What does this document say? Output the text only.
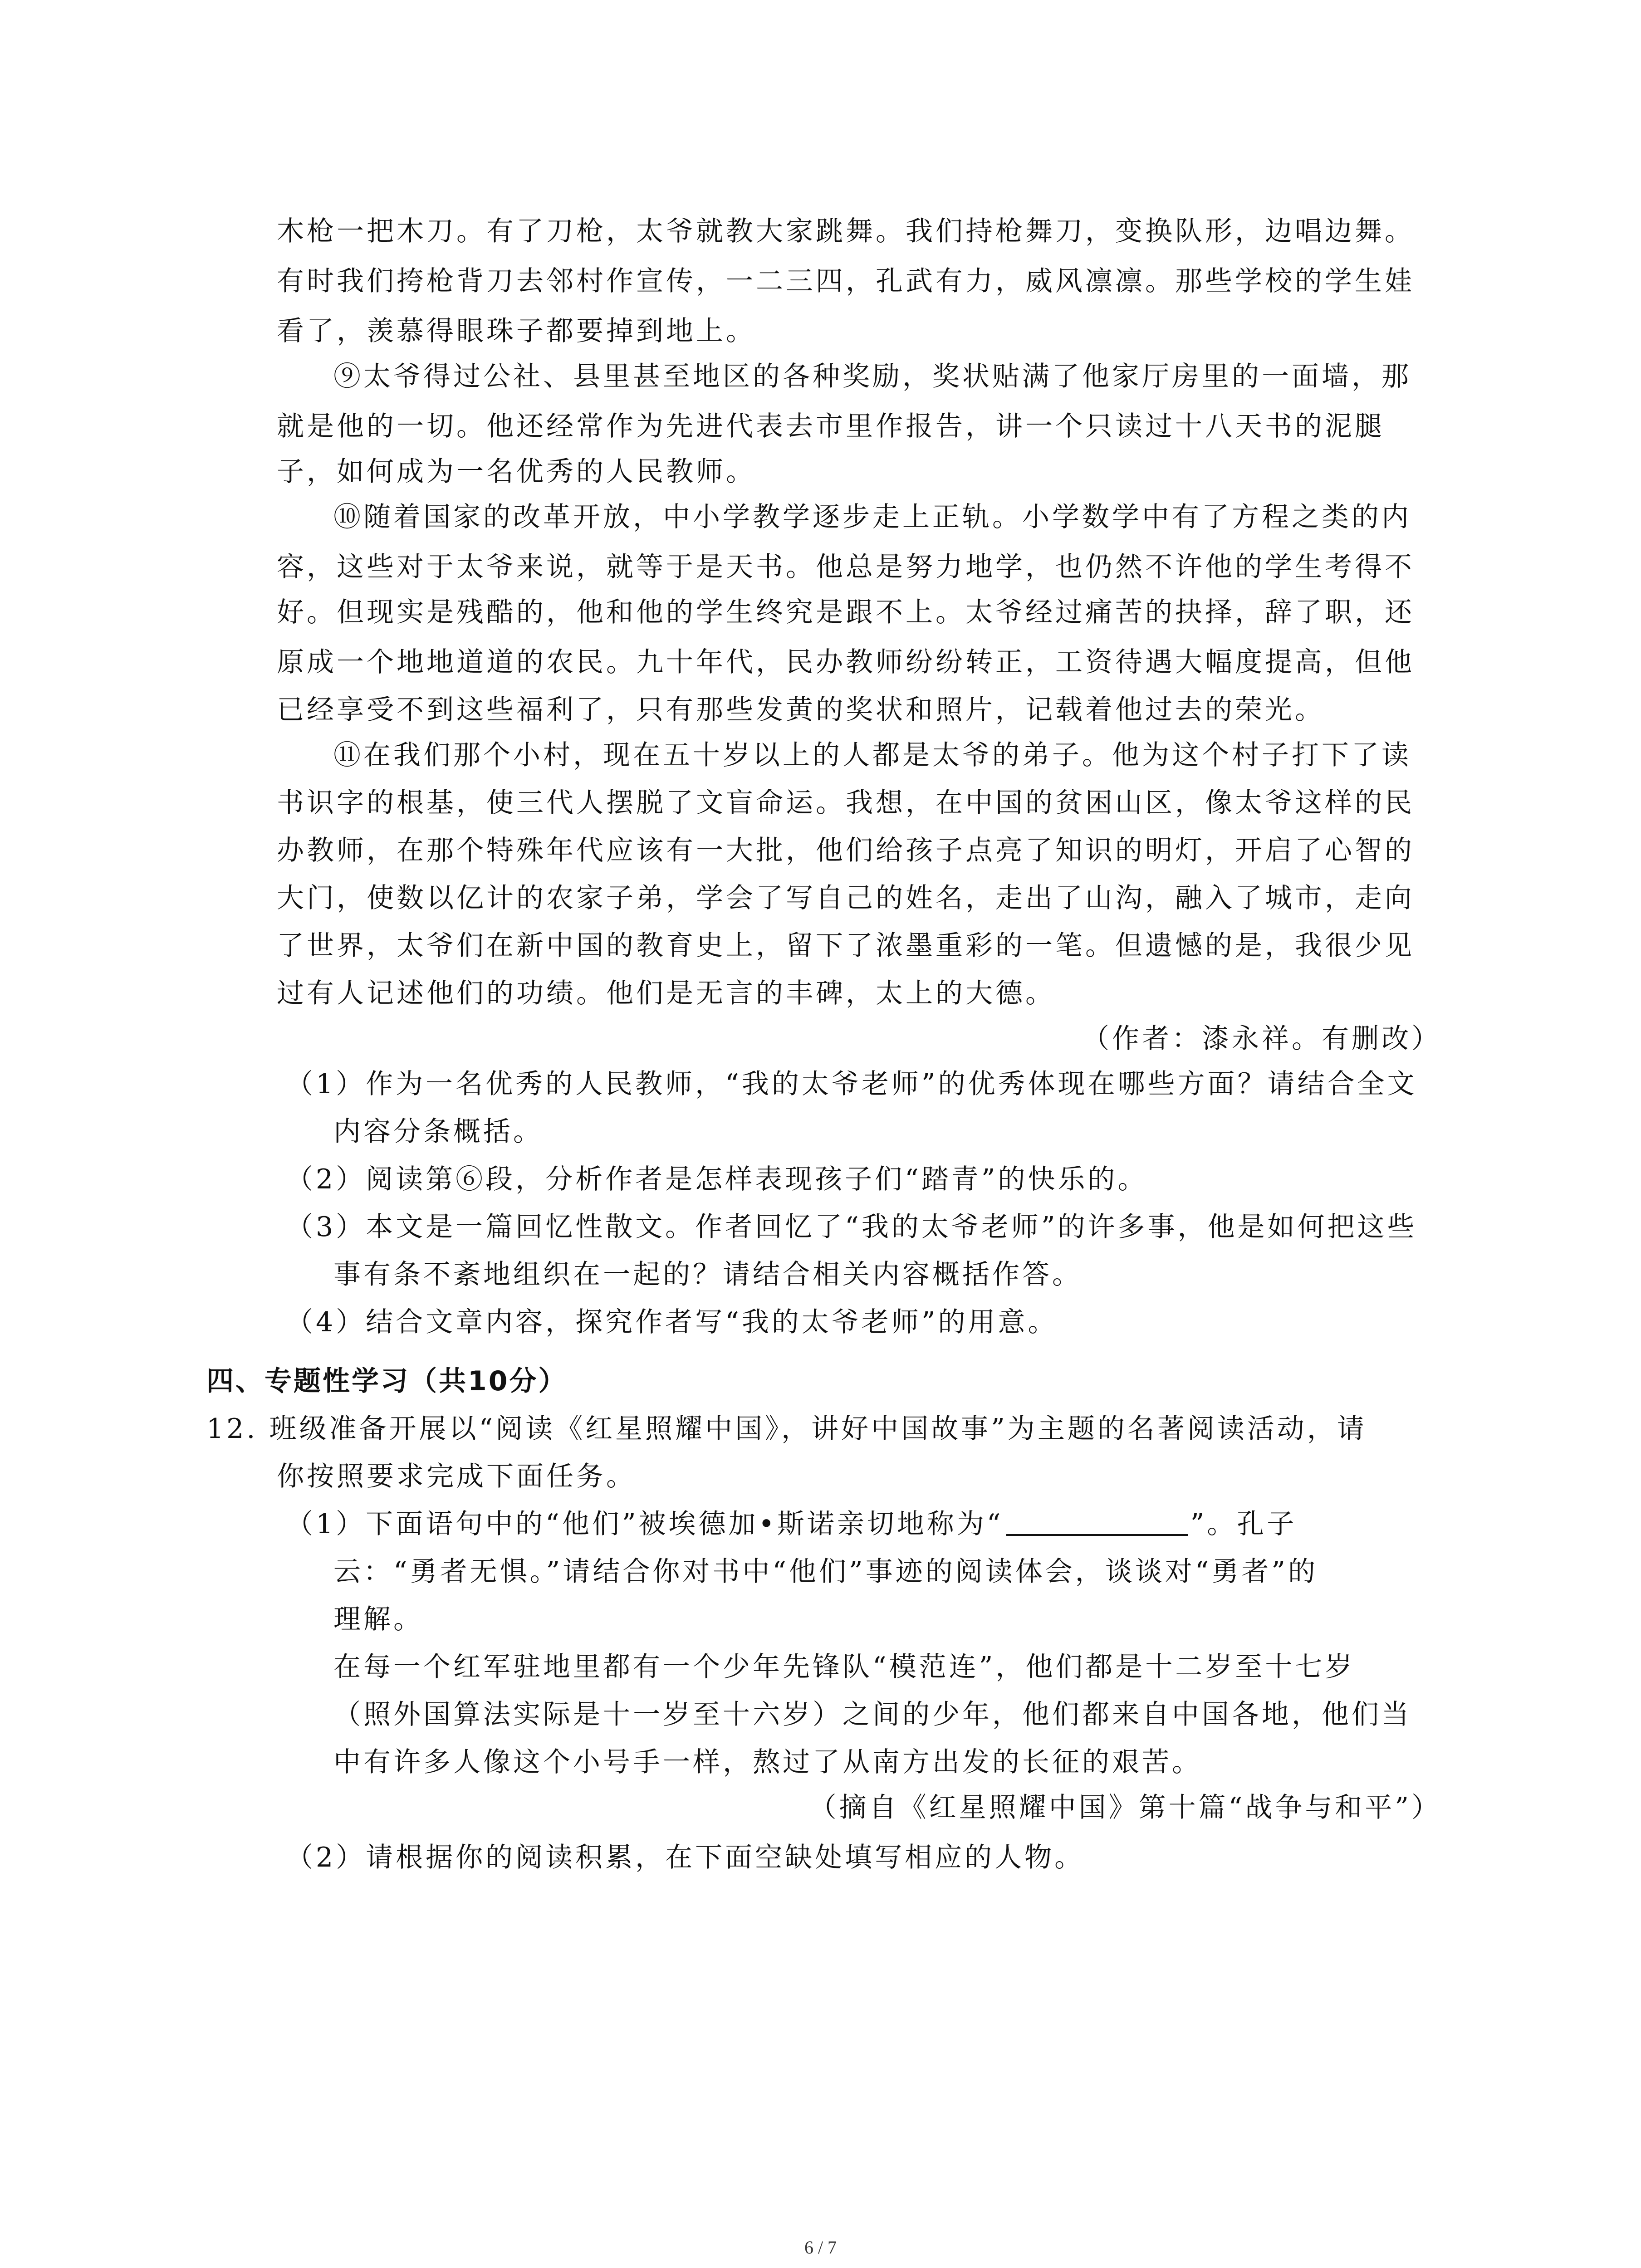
木枪一把木刀。有了刀枪，太爷就教大家跳舞。我们持枪舞刀，变换队形，边唱边舞。
有时我们挎枪背刀去邻村作宣传，一二三四，孔武有力，威风凛凛。那些学校的学生娃
看了，羡慕得眼珠子都要掉到地上。
⑨太爷得过公社、县里甚至地区的各种奖励，奖状贴满了他家厅房里的一面墙，那
就是他的一切。他还经常作为先进代表去市里作报告，讲一个只读过十八天书的泥腿
子，如何成为一名优秀的人民教师。
⑩随着国家的改革开放，中小学教学逐步走上正轨。小学数学中有了方程之类的内
容，这些对于太爷来说，就等于是天书。他总是努力地学，也仍然不许他的学生考得不
好。但现实是残酷的，他和他的学生终究是跟不上。太爷经过痛苦的抉择，辞了职，还
原成一个地地道道的农民。九十年代，民办教师纷纷转正，工资待遇大幅度提高，但他
已经享受不到这些福利了，只有那些发黄的奖状和照片，记载着他过去的荣光。
⑪在我们那个小村，现在五十岁以上的人都是太爷的弟子。他为这个村子打下了读
书识字的根基，使三代人摆脱了文盲命运。我想，在中国的贫困山区，像太爷这样的民
办教师，在那个特殊年代应该有一大批，他们给孩子点亮了知识的明灯，开启了心智的
大门，使数以亿计的农家子弟，学会了写自己的姓名，走出了山沟，融入了城市，走向
了世界，太爷们在新中国的教育史上，留下了浓墨重彩的一笔。但遗憾的是，我很少见
过有人记述他们的功绩。他们是无言的丰碑，太上的大德。
（作者：漆永祥。有删改）
（1）作为一名优秀的人民教师，“我的太爷老师”的优秀体现在哪些方面？请结合全文
内容分条概括。
（2）阅读第⑥段，分析作者是怎样表现孩子们“踏青”的快乐的。
（3）本文是一篇回忆性散文。作者回忆了“我的太爷老师”的许多事，他是如何把这些
事有条不紊地组织在一起的？请结合相关内容概括作答。
（4）结合文章内容，探究作者写“我的太爷老师”的用意。
四、专题性学习（共10分）
12. 班级准备开展以“阅读《红星照耀中国》，讲好中国故事”为主题的名著阅读活动，请
你按照要求完成下面任务。
（1）下面语句中的“他们”被埃德加•斯诺亲切地称为“	”。孔子
云：“勇者无惧。”请结合你对书中“他们”事迹的阅读体会，谈谈对“勇者”的
理解。
在每一个红军驻地里都有一个少年先锋队“模范连”，他们都是十二岁至十七岁
（照外国算法实际是十一岁至十六岁）之间的少年，他们都来自中国各地，他们当
中有许多人像这个小号手一样，熬过了从南方出发的长征的艰苦。
（摘自《红星照耀中国》第十篇“战争与和平”）
（2）请根据你的阅读积累，在下面空缺处填写相应的人物。
6 / 7
